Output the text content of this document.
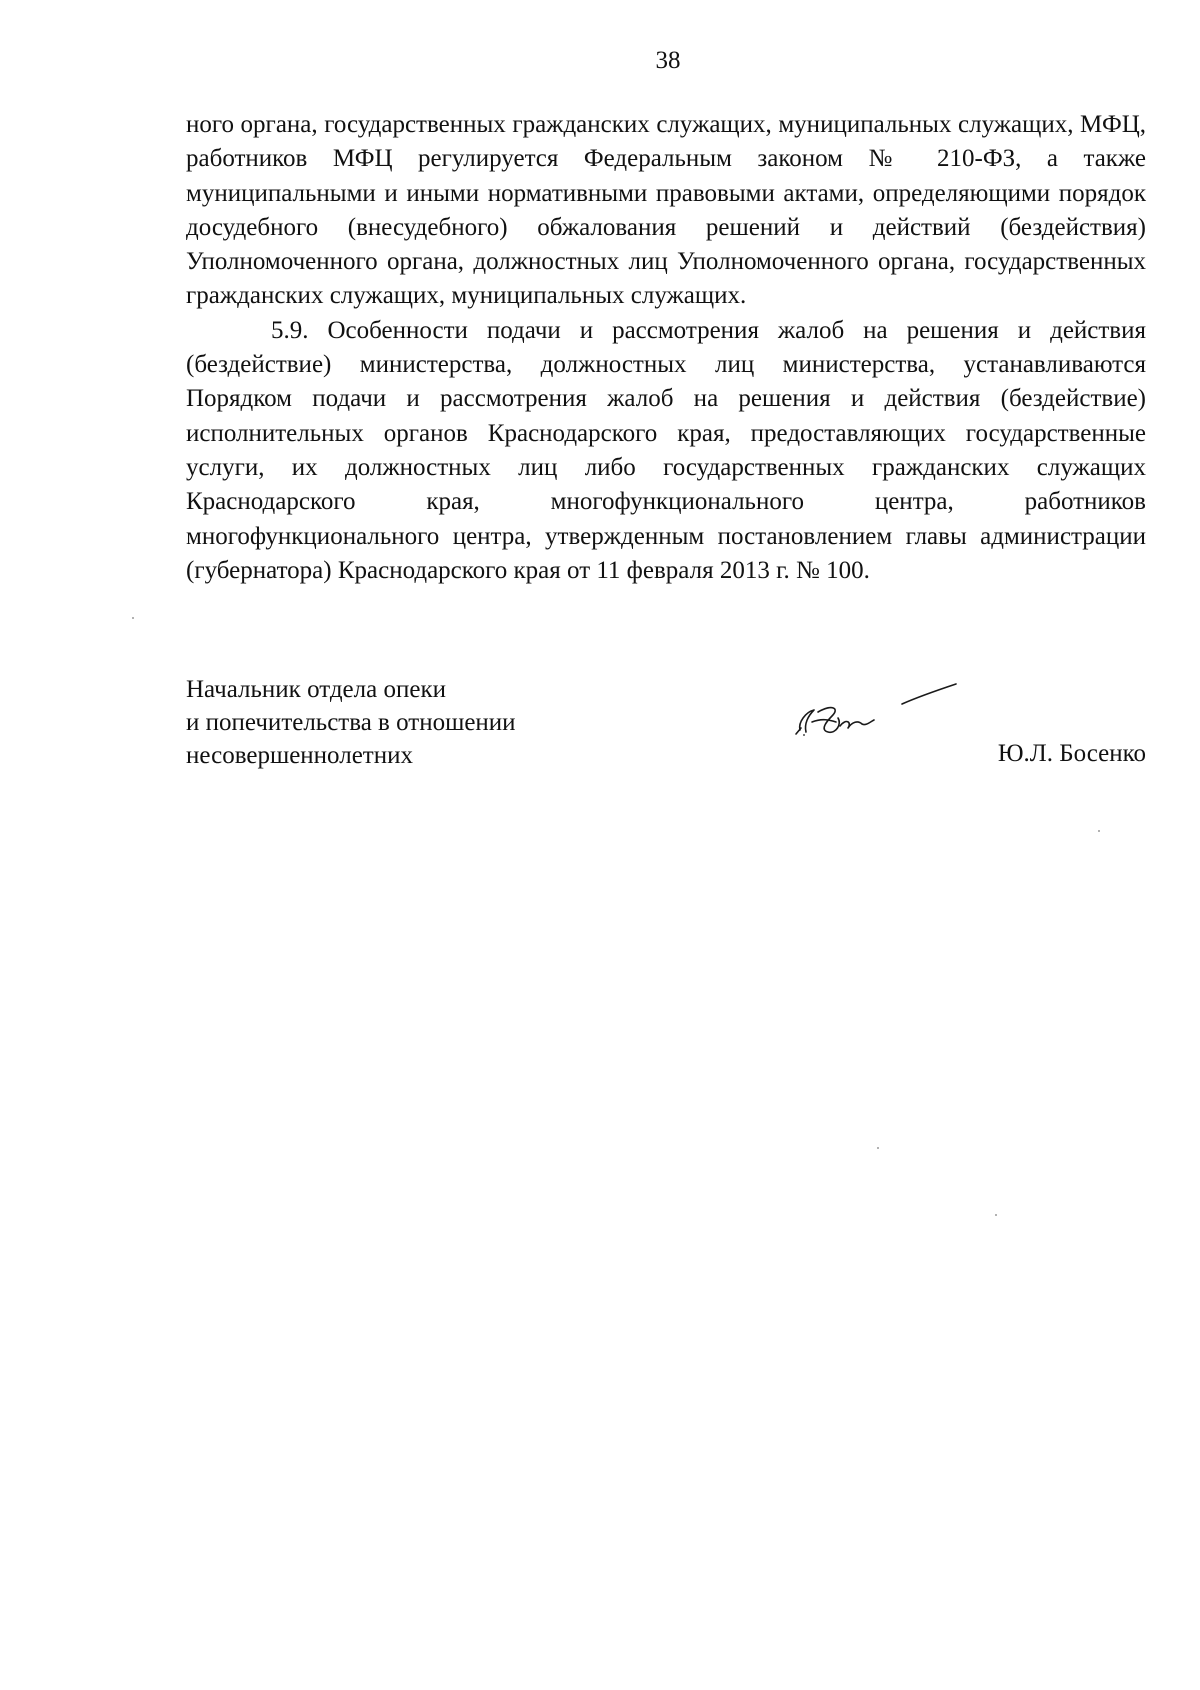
38

ного органа, государственных гражданских служащих, муниципальных служащих, МФЦ, работников МФЦ регулируется Федеральным законом № 210-ФЗ, а также муниципальными и иными нормативными правовыми актами, определяющими порядок досудебного (внесудебного) обжалования решений и действий (бездействия) Уполномоченного органа, должностных лиц Уполномоченного органа, государственных гражданских служащих, муниципальных служащих.

5.9. Особенности подачи и рассмотрения жалоб на решения и действия (бездействие) министерства, должностных лиц министерства, устанавливаются Порядком подачи и рассмотрения жалоб на решения и действия (бездействие) исполнительных органов Краснодарского края, предоставляющих государственные услуги, их должностных лиц либо государственных гражданских служащих Краснодарского края, многофункционального центра, работников многофункционального центра, утвержденным постановлением главы администрации (губернатора) Краснодарского края от 11 февраля 2013 г. № 100.

Начальник отдела опеки
и попечительства в отношении
несовершеннолетних	Ю.Л. Босенко
